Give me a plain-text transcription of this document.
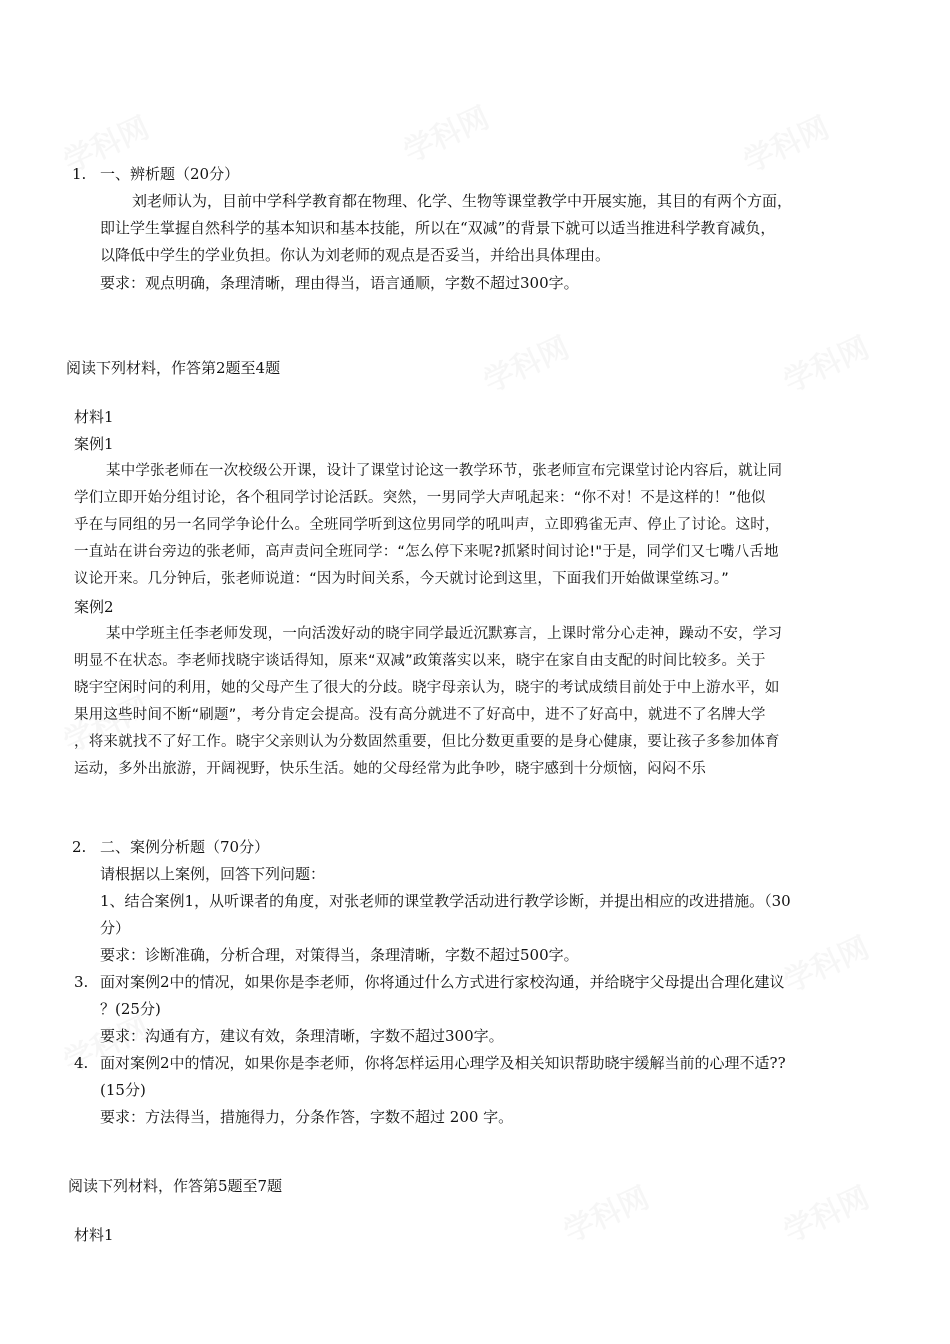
1. 一、辨析题（20分）
刘老师认为，目前中学科学教育都在物理、化学、生物等课堂教学中开展实施，其目的有两个方面，
即让学生掌握自然科学的基本知识和基本技能，所以在“双减”的背景下就可以适当推进科学教育减负，
以降低中学生的学业负担。你认为刘老师的观点是否妥当，并给出具体理由。
要求：观点明确，条理清晰，理由得当，语言通顺，字数不超过300字。
阅读下列材料，作答第2题至4题
材料1
案例1
某中学张老师在一次校级公开课，设计了课堂讨论这一教学环节，张老师宣布完课堂讨论内容后，就让同
学们立即开始分组讨论，各个租同学讨论活跃。突然，一男同学大声吼起来：“你不对！不是这样的！”他似
乎在与同组的另一名同学争论什么。全班同学听到这位男同学的吼叫声，立即鸦雀无声、停止了讨论。这时，
一直站在讲台旁边的张老师，高声责问全班同学：“怎么停下来呢?抓紧时间讨论!"于是，同学们又七嘴八舌地
议论开来。几分钟后，张老师说道：“因为时间关系，今天就讨论到这里，下面我们开始做课堂练习。”
案例2
某中学班主任李老师发现，一向活泼好动的晓宇同学最近沉默寡言，上课时常分心走神，躁动不安，学习
明显不在状态。李老师找晓宇谈话得知，原来“双减”政策落实以来，晓宇在家自由支配的时间比较多。关于
晓宇空闲时问的利用，她的父母产生了很大的分歧。晓宇母亲认为，晓宇的考试成绩目前处于中上游水平，如
果用这些时间不断“刷题”，考分肯定会提高。没有高分就进不了好高中，进不了好高中，就进不了名牌大学
，将来就找不了好工作。晓宇父亲则认为分数固然重要，但比分数更重要的是身心健康，要让孩子多参加体育
运动，多外出旅游，开阔视野，快乐生活。她的父母经常为此争吵，晓宇感到十分烦恼，闷闷不乐
2. 二、案例分析题（70分）
请根据以上案例，回答下列问题：
1、结合案例1，从听课者的角度，对张老师的课堂教学活动进行教学诊断，并提出相应的改进措施。（30
分）
要求：诊断准确，分析合理，对策得当，条理清晰，字数不超过500字。
3. 面对案例2中的情况，如果你是李老师，你将通过什么方式进行家校沟通，并给晓宇父母提出合理化建议
？(25分)
要求：沟通有方，建议有效，条理清晰，字数不超过300字。
4. 面对案例2中的情况，如果你是李老师，你将怎样运用心理学及相关知识帮助晓宇缓解当前的心理不适??
(15分)
要求：方法得当，措施得力，分条作答，字数不超过 200 字。
阅读下列材料，作答第5题至7题
材料1
